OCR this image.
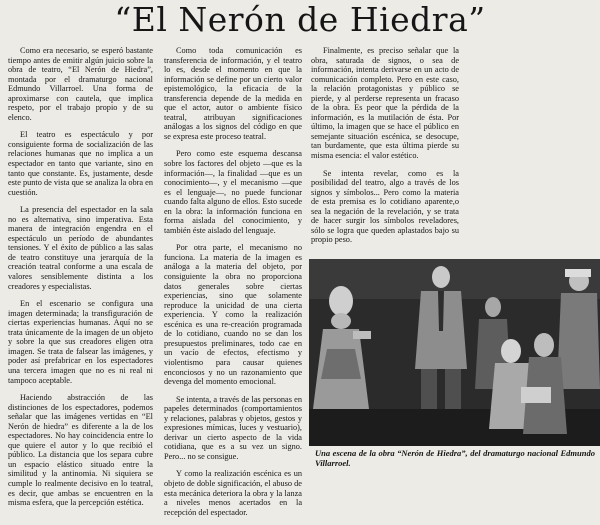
“El Nerón de Hiedra”

Como era necesario, se esperó bastante tiempo antes de emitir algún juicio sobre la obra de teatro, “El Nerón de Hiedra”, montada por el dramaturgo nacional Edmundo Villarroel. Una forma de aproximarse con cautela, que implica respeto, por el trabajo propio y de su elenco.

El teatro es espectáculo y por consiguiente forma de socialización de las relaciones humanas que no implica a un espectador en tanto que variante, sino en tanto que constante. Es, justamente, desde este punto de vista que se analiza la obra en cuestión.

La presencia del espectador en la sala no es alternativa, sino imperativa. Esta manera de integración engendra en el espectáculo un período de abundantes tensiones. Y el éxito de público a las salas de teatro constituye una jerarquía de la creación teatral conforme a una escala de valores sensiblemente distinta a los creadores y especialistas.

En el escenario se configura una imagen determinada; la transfiguración de ciertas experiencias humanas. Aquí no se trata únicamente de la imagen de un objeto y sobre la que sus creadores eligen otra imagen. Se trata de falsear las imágenes, y poder así prefabricar en los espectadores una tercera imagen que no es ni real ni tampoco aceptable.

Haciendo abstracción de las distinciones de los espectadores, podemos señalar que las imágenes vertidas en “El Nerón de hiedra” es diferente a la de los espectadores. No hay coincidencia entre lo que quiere el autor y lo que recibió el público. La distancia que los separa cubre un espacio elástico situado entre la similitud y la antinomia. Ni siquiera se cumple lo realmente decisivo en lo teatral, es decir, que ambas se encuentren en la misma esfera, que la percepción estética.

Como toda comunicación es transferencia de información, y el teatro lo es, desde el momento en que la información se define por un cierto valor epistemológico, la eficacia de la transferencia depende de la medida en que el actor, autor o ambiente físico teatral, atribuyan significaciones análogas a los signos del código en que se expresa este proceso teatral.

Pero como este esquema descansa sobre los factores del objeto —que es la información—, la finalidad —que es un conocimiento—, y el mecanismo —que es el lenguaje—, no puede funcionar cuando falta alguno de ellos. Esto sucede en la obra: la información funciona en forma aislada del conocimiento, y también éste aislado del lenguaje.

Por otra parte, el mecanismo no funciona. La materia de la imagen es análoga a la materia del objeto, por consiguiente la obra no proporciona datos generales sobre ciertas experiencias, sino que solamente reproduce la unicidad de una cierta experiencia. Y como la realización escénica es una re-creación programada de lo cotidiano, cuando no se dan los presupuestos preliminares, todo cae en un vacío de efectos, efectismo y violentismo para causar quienes enconciosos y no un razonamiento que devenga del momento emocional.

Se intenta, a través de las personas en papeles determinados (comportamientos y relaciones, palabras y objetos, gestos y expresiones mímicas, luces y vestuario), derivar un cierto aspecto de la vida cotidiana, que es a su vez un signo. Pero... no se consigue.

Y como la realización escénica es un objeto de doble significación, el abuso de esta mecánica deteriora la obra y la lanza a niveles menos acertados en la recepción del espectador.

Finalmente, es preciso señalar que la obra, saturada de signos, o sea de información, intenta derivarse en un acto de comunicación completo. Pero en este caso, la relación protagonistas y público se pierde, y al perderse representa un fracaso de la obra. Es peor que la pérdida de la información, es la mutilación de ésta. Por último, la imagen que se hace el público en semejante situación escénica, se desocupe, tan burdamente, que esta última pierde su misma esencia: el valor estético.

Se intenta revelar, como es la posibilidad del teatro, algo a través de los signos y símbolos... Pero como la materia de esta premisa es lo cotidiano aparente,o sea la negación de la revelación, y se trata de hacer surgir los símbolos reveladores, sólo se logra que queden aplastados bajo su propio peso.

Una escena de la obra “Nerón de Hiedra”, del dramaturgo nacional Edmundo Villarroel.
